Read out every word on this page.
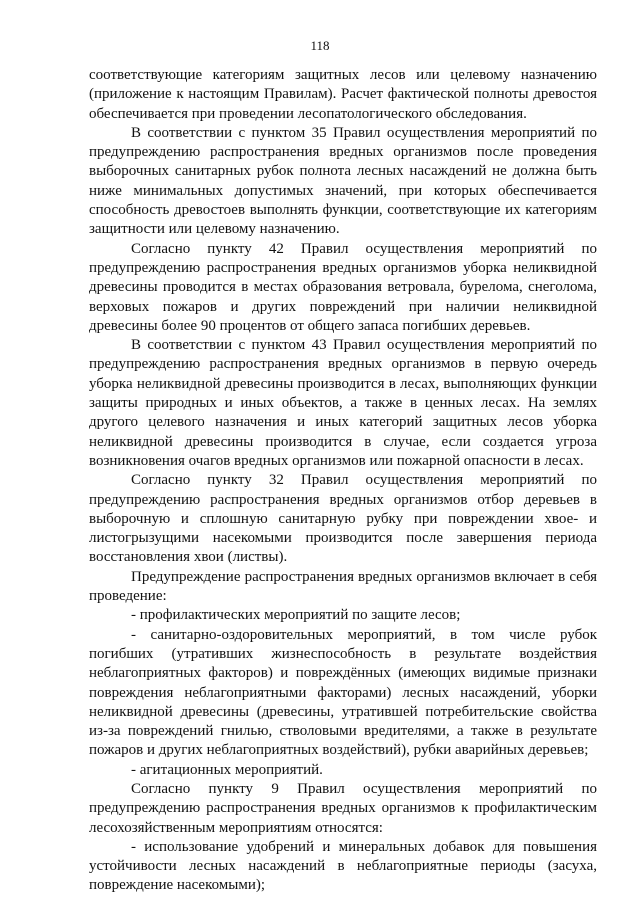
118

соответствующие категориям защитных лесов или целевому назначению (приложение к настоящим Правилам). Расчет фактической полноты древостоя обеспечивается при проведении лесопатологического обследования.

В соответствии с пунктом 35 Правил осуществления мероприятий по предупреждению распространения вредных организмов после проведения выборочных санитарных рубок полнота лесных насаждений не должна быть ниже минимальных допустимых значений, при которых обеспечивается способность древостоев выполнять функции, соответствующие их категориям защитности или целевому назначению.

Согласно пункту 42 Правил осуществления мероприятий по предупреждению распространения вредных организмов уборка неликвидной древесины проводится в местах образования ветровала, бурелома, снеголома, верховых пожаров и других повреждений при наличии неликвидной древесины более 90 процентов от общего запаса погибших деревьев.

В соответствии с пунктом 43 Правил осуществления мероприятий по предупреждению распространения вредных организмов в первую очередь уборка неликвидной древесины производится в лесах, выполняющих функции защиты природных и иных объектов, а также в ценных лесах. На землях другого целевого назначения и иных категорий защитных лесов уборка неликвидной древесины производится в случае, если создается угроза возникновения очагов вредных организмов или пожарной опасности в лесах.

Согласно пункту 32 Правил осуществления мероприятий по предупреждению распространения вредных организмов отбор деревьев в выборочную и сплошную санитарную рубку при повреждении хвое- и листогрызущими насекомыми производится после завершения периода восстановления хвои (листвы).

Предупреждение распространения вредных организмов включает в себя проведение:

- профилактических мероприятий по защите лесов;

- санитарно-оздоровительных мероприятий, в том числе рубок погибших (утративших жизнеспособность в результате воздействия неблагоприятных факторов) и повреждённых (имеющих видимые признаки повреждения неблагоприятными факторами) лесных насаждений, уборки неликвидной древесины (древесины, утратившей потребительские свойства из-за повреждений гнилью, стволовыми вредителями, а также в результате пожаров и других неблагоприятных воздействий), рубки аварийных деревьев;

- агитационных мероприятий.

Согласно пункту 9 Правил осуществления мероприятий по предупреждению распространения вредных организмов к профилактическим лесохозяйственным мероприятиям относятся:

- использование удобрений и минеральных добавок для повышения устойчивости лесных насаждений в неблагоприятные периоды (засуха, повреждение насекомыми);
